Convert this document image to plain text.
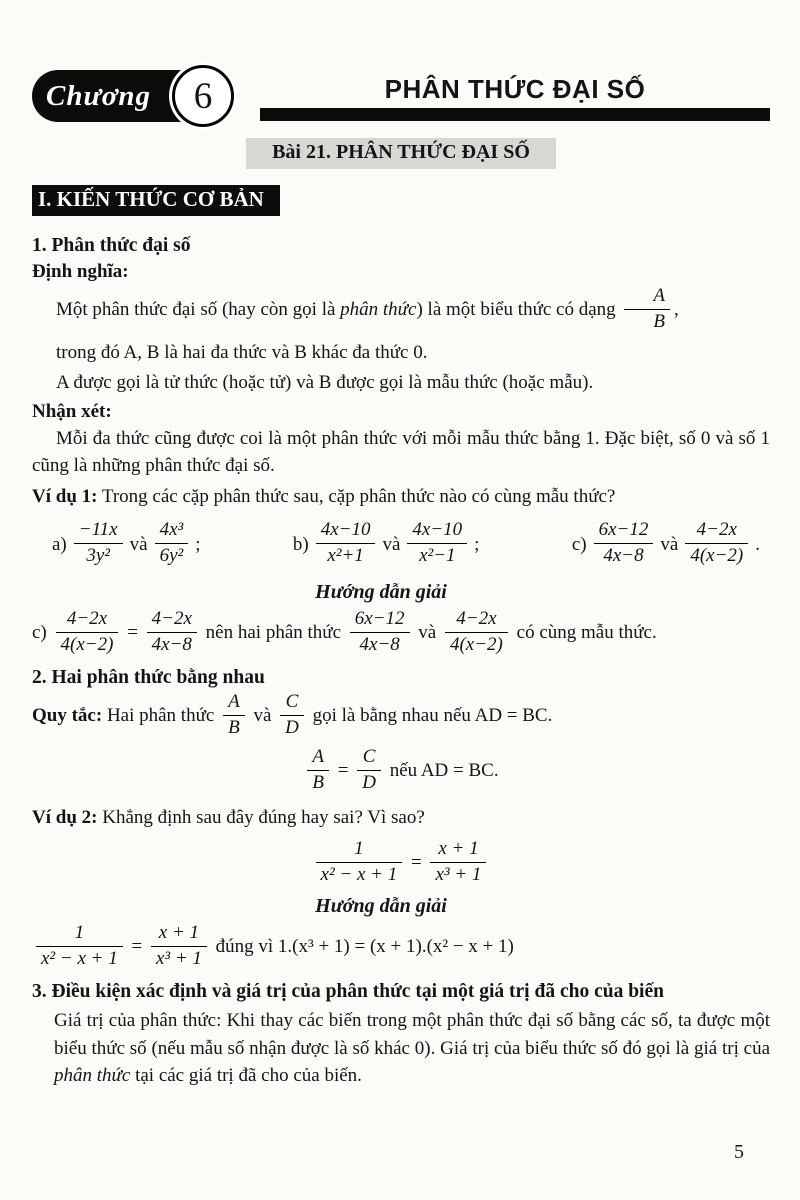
Chương 6	PHÂN THỨC ĐẠI SỐ
Bài 21. PHÂN THỨC ĐẠI SỐ
I. KIẾN THỨC CƠ BẢN
1. Phân thức đại số

Định nghĩa:

Một phân thức đại số (hay còn gọi là phân thức) là một biểu thức có dạng $\frac{A}{B}$ ,

trong đó A, B là hai đa thức và B khác đa thức 0.

A được gọi là tử thức (hoặc tử) và B được gọi là mẫu thức (hoặc mẫu).

Nhận xét:

Mỗi đa thức cũng được coi là một phân thức với mỗi mẫu thức bằng 1. Đặc biệt, số 0 và số 1 cũng là những phân thức đại số.

Ví dụ 1: Trong các cặp phân thức sau, cặp phân thức nào có cùng mẫu thức?

$a) \frac{-11x}{\text{3y²}}$ và $\frac{\text{4x³}}{\text{6y²}}$ ;	$b) \frac{4x-10}{\text{x²+1}}$ và $\frac{4x-10}{\text{x²−1}}$ ;	$c) \frac{6x-12}{4x-8}$ và $\frac{4-2x}{4(x-2)}$ .

Hướng dẫn giải

$c) \frac{4-2x}{4(x-2)} = \frac{4-2x}{4x-8}$ nên hai phân thức $\frac{6x-12}{4x-8}$ và $\frac{4-2x}{4(x-2)}$ có cùng mẫu thức.

2. Hai phân thức bằng nhau

Quy tắc: Hai phân thức $\frac{A}{B}$ và $\frac{C}{D}$ gọi là bằng nhau nếu AD = BC.

$\frac{A}{B} = \frac{C}{D}$ nếu AD = BC.

Ví dụ 2: Khẳng định sau đây đúng hay sai? Vì sao?

$\frac{1}{\text{x² − x + 1}} = \frac{x + 1}{\text{x³ + 1}}$

Hướng dẫn giải

$\frac{1}{\text{x² − x + 1}} = \frac{x + 1}{\text{x³ + 1}}$ đúng vì 1.(x³ + 1) = (x + 1).(x² − x + 1)

3. Điều kiện xác định và giá trị của phân thức tại một giá trị đã cho của biến

Giá trị của phân thức: Khi thay các biến trong một phân thức đại số bằng các số, ta được một biểu thức số (nếu mẫu số nhận được là số khác 0). Giá trị của biểu thức số đó gọi là giá trị của phân thức tại các giá trị đã cho của biến.

5
